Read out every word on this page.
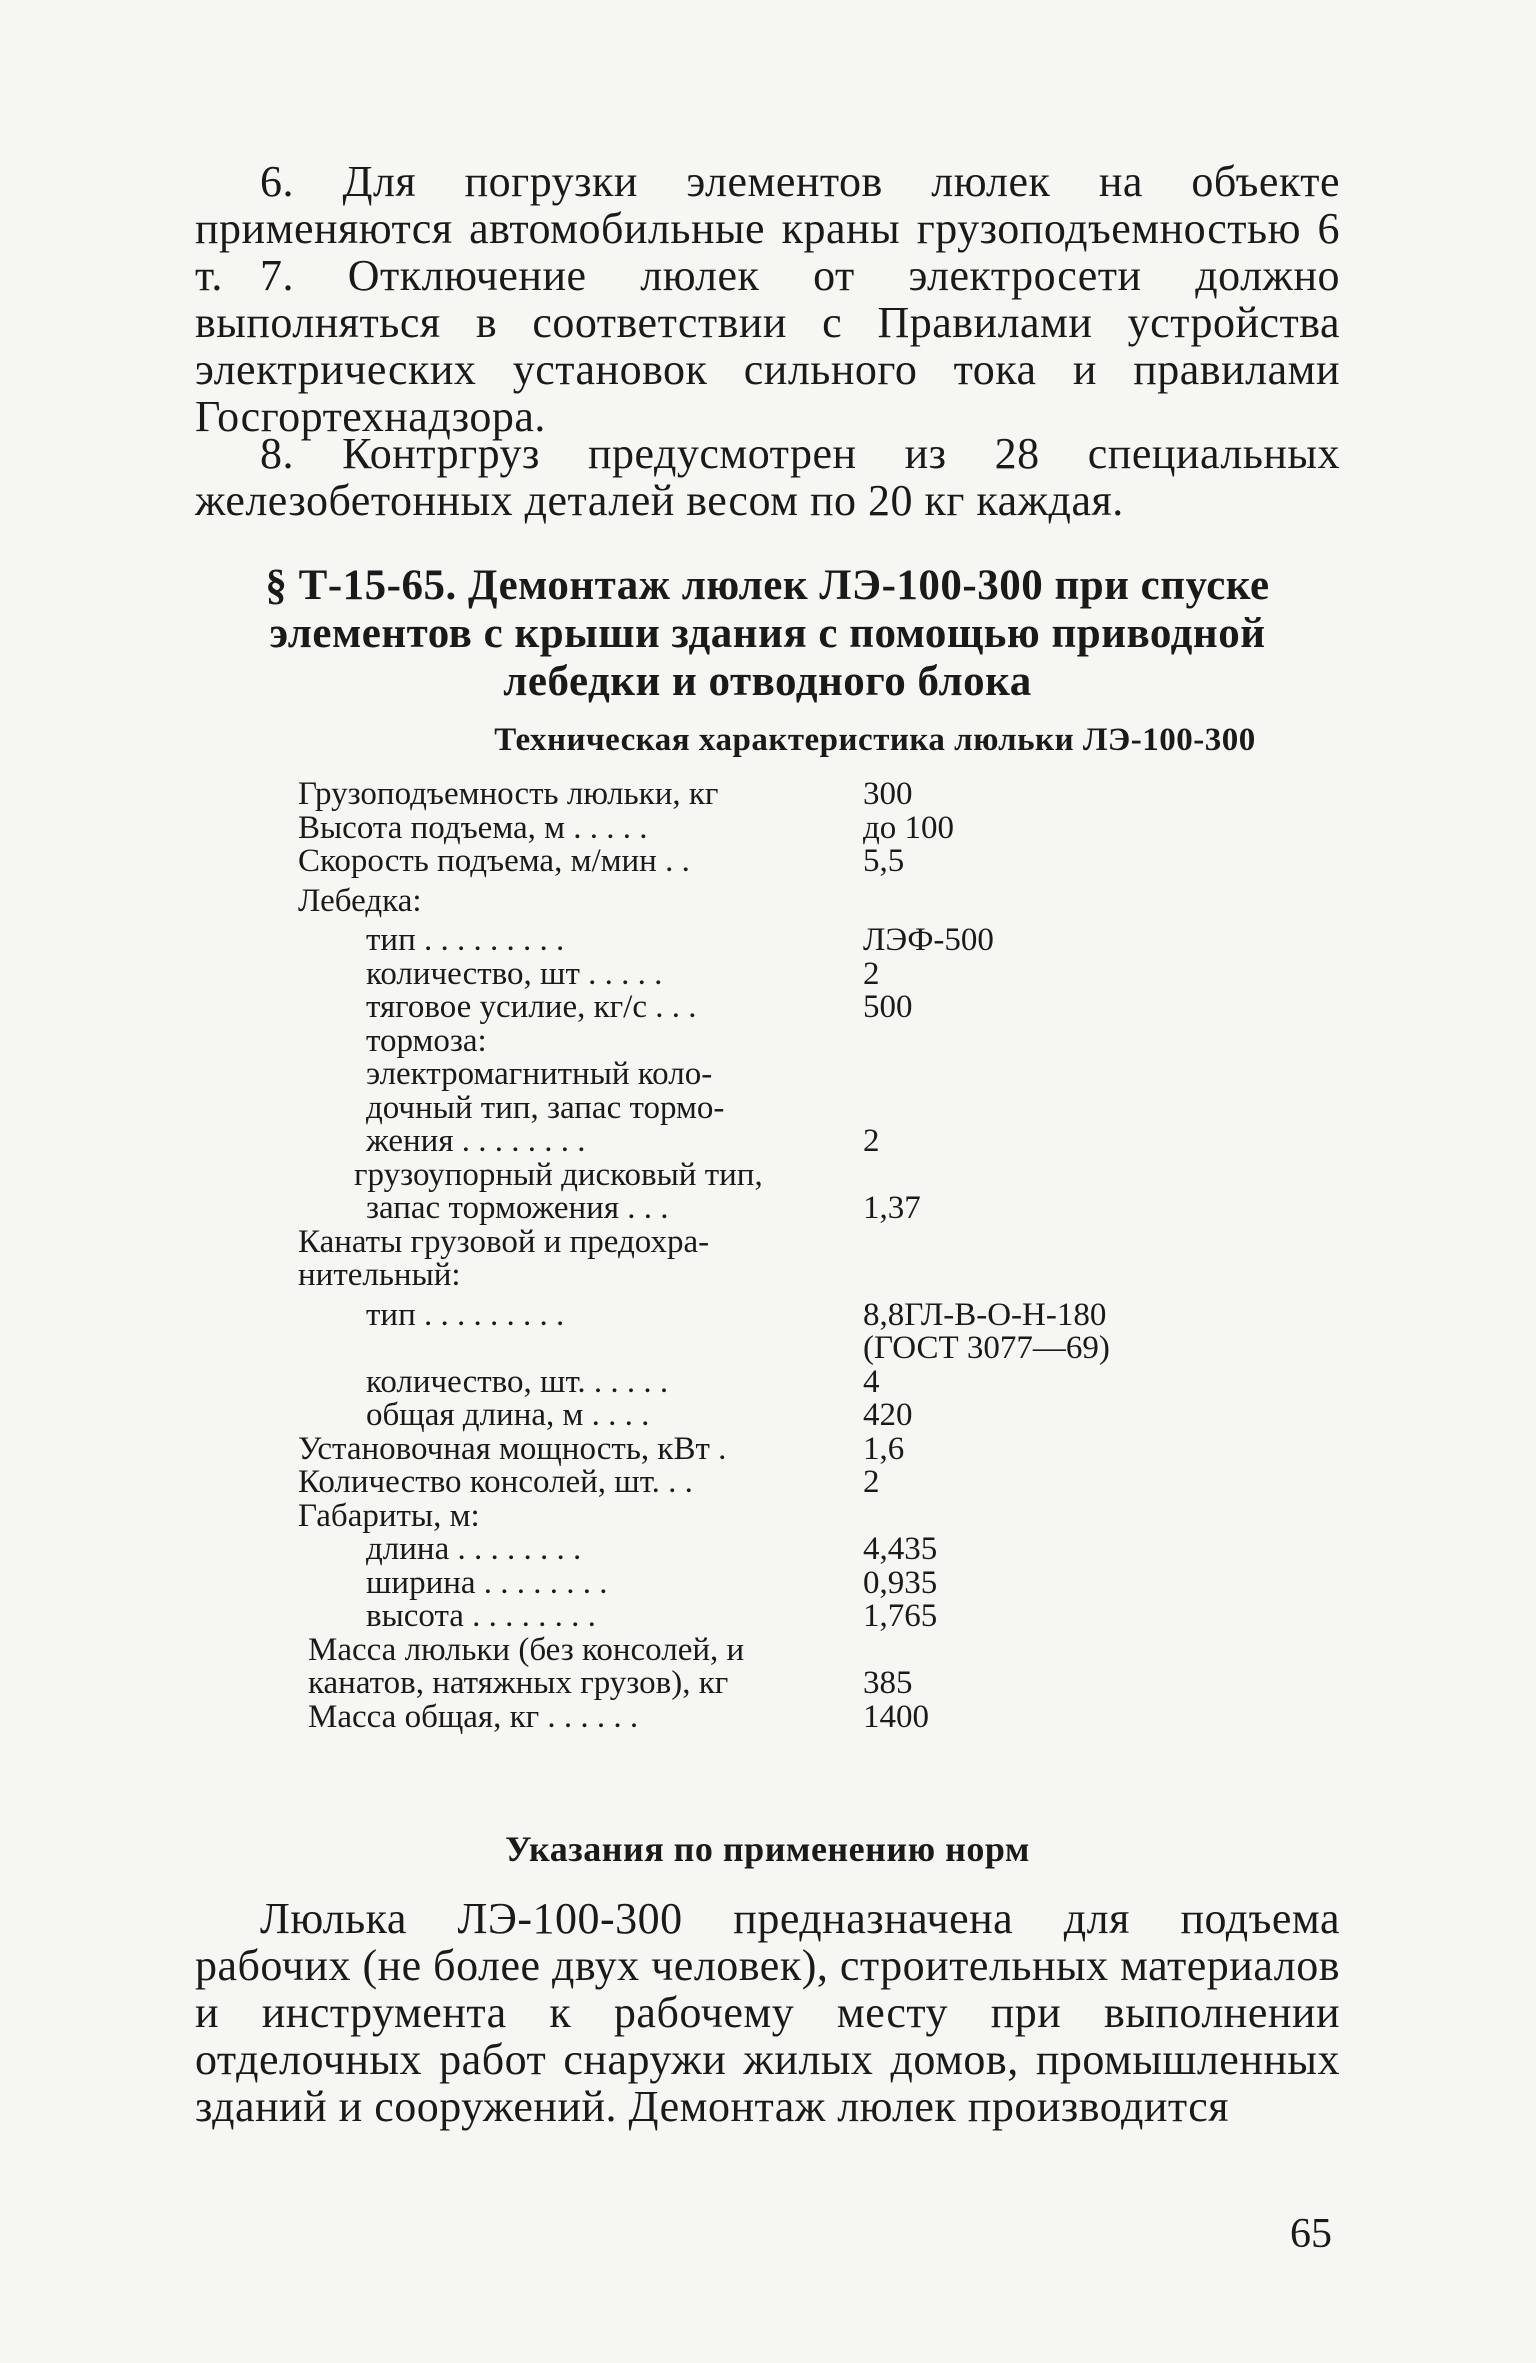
6. Для погрузки элементов люлек на объекте применяются автомобильные краны грузоподъемностью 6 т. 7. Отключение люлек от электросети должно выполняться в соответствии с Правилами устройства электрических установок сильного тока и правилами Госгортехнадзора.

8. Контргруз предусмотрен из 28 специальных железобетонных деталей весом по 20 кг каждая.

§ Т-15-65. Демонтаж люлек ЛЭ-100-300 при спуске элементов с крыши здания с помощью приводной лебедки и отводного блока

Техническая характеристика люльки ЛЭ-100-300

Грузоподъемность люльки, кг	300
Высота подъема, м . . . . .	до 100
Скорость подъема, м/мин . .	5,5
Лебедка:
тип . . . . . . . . .	ЛЭФ-500
количество, шт . . . . .	2
тяговое усилие, кг/с . . .	500
тормоза:
электромагнитный коло-
дочный тип, запас тормо-
жения . . . . . . . .	2
грузоупорный дисковый тип,
запас торможения . . .	1,37
Канаты грузовой и предохра-
нительный:
тип . . . . . . . . .	8,8ГЛ-В-О-Н-180
(ГОСТ 3077—69)
количество, шт. . . . . .	4
общая длина, м . . . .	420
Установочная мощность, кВт .	1,6
Количество консолей, шт. . .	2
Габариты, м:
длина . . . . . . . .	4,435
ширина . . . . . . . .	0,935
высота . . . . . . . .	1,765
Масса люльки (без консолей, и
канатов, натяжных грузов), кг	385
Масса общая, кг . . . . . .	1400

Указания по применению норм

Люлька ЛЭ-100-300 предназначена для подъема рабочих (не более двух человек), строительных материалов и инструмента к рабочему месту при выполнении отделочных работ снаружи жилых домов, промышленных зданий и сооружений. Демонтаж люлек производится

65
